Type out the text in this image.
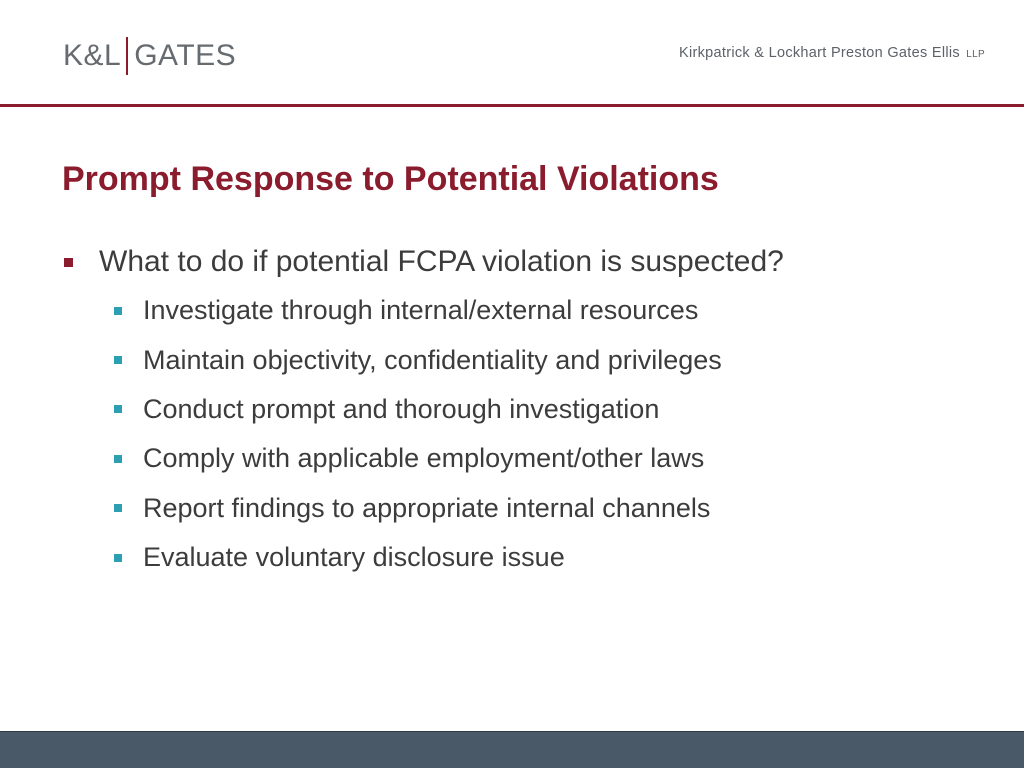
K&L GATES	Kirkpatrick & Lockhart Preston Gates Ellis LLP
Prompt Response to Potential Violations
What to do if potential FCPA violation is suspected?
Investigate through internal/external resources
Maintain objectivity, confidentiality and privileges
Conduct prompt and thorough investigation
Comply with applicable employment/other laws
Report findings to appropriate internal channels
Evaluate voluntary disclosure issue
